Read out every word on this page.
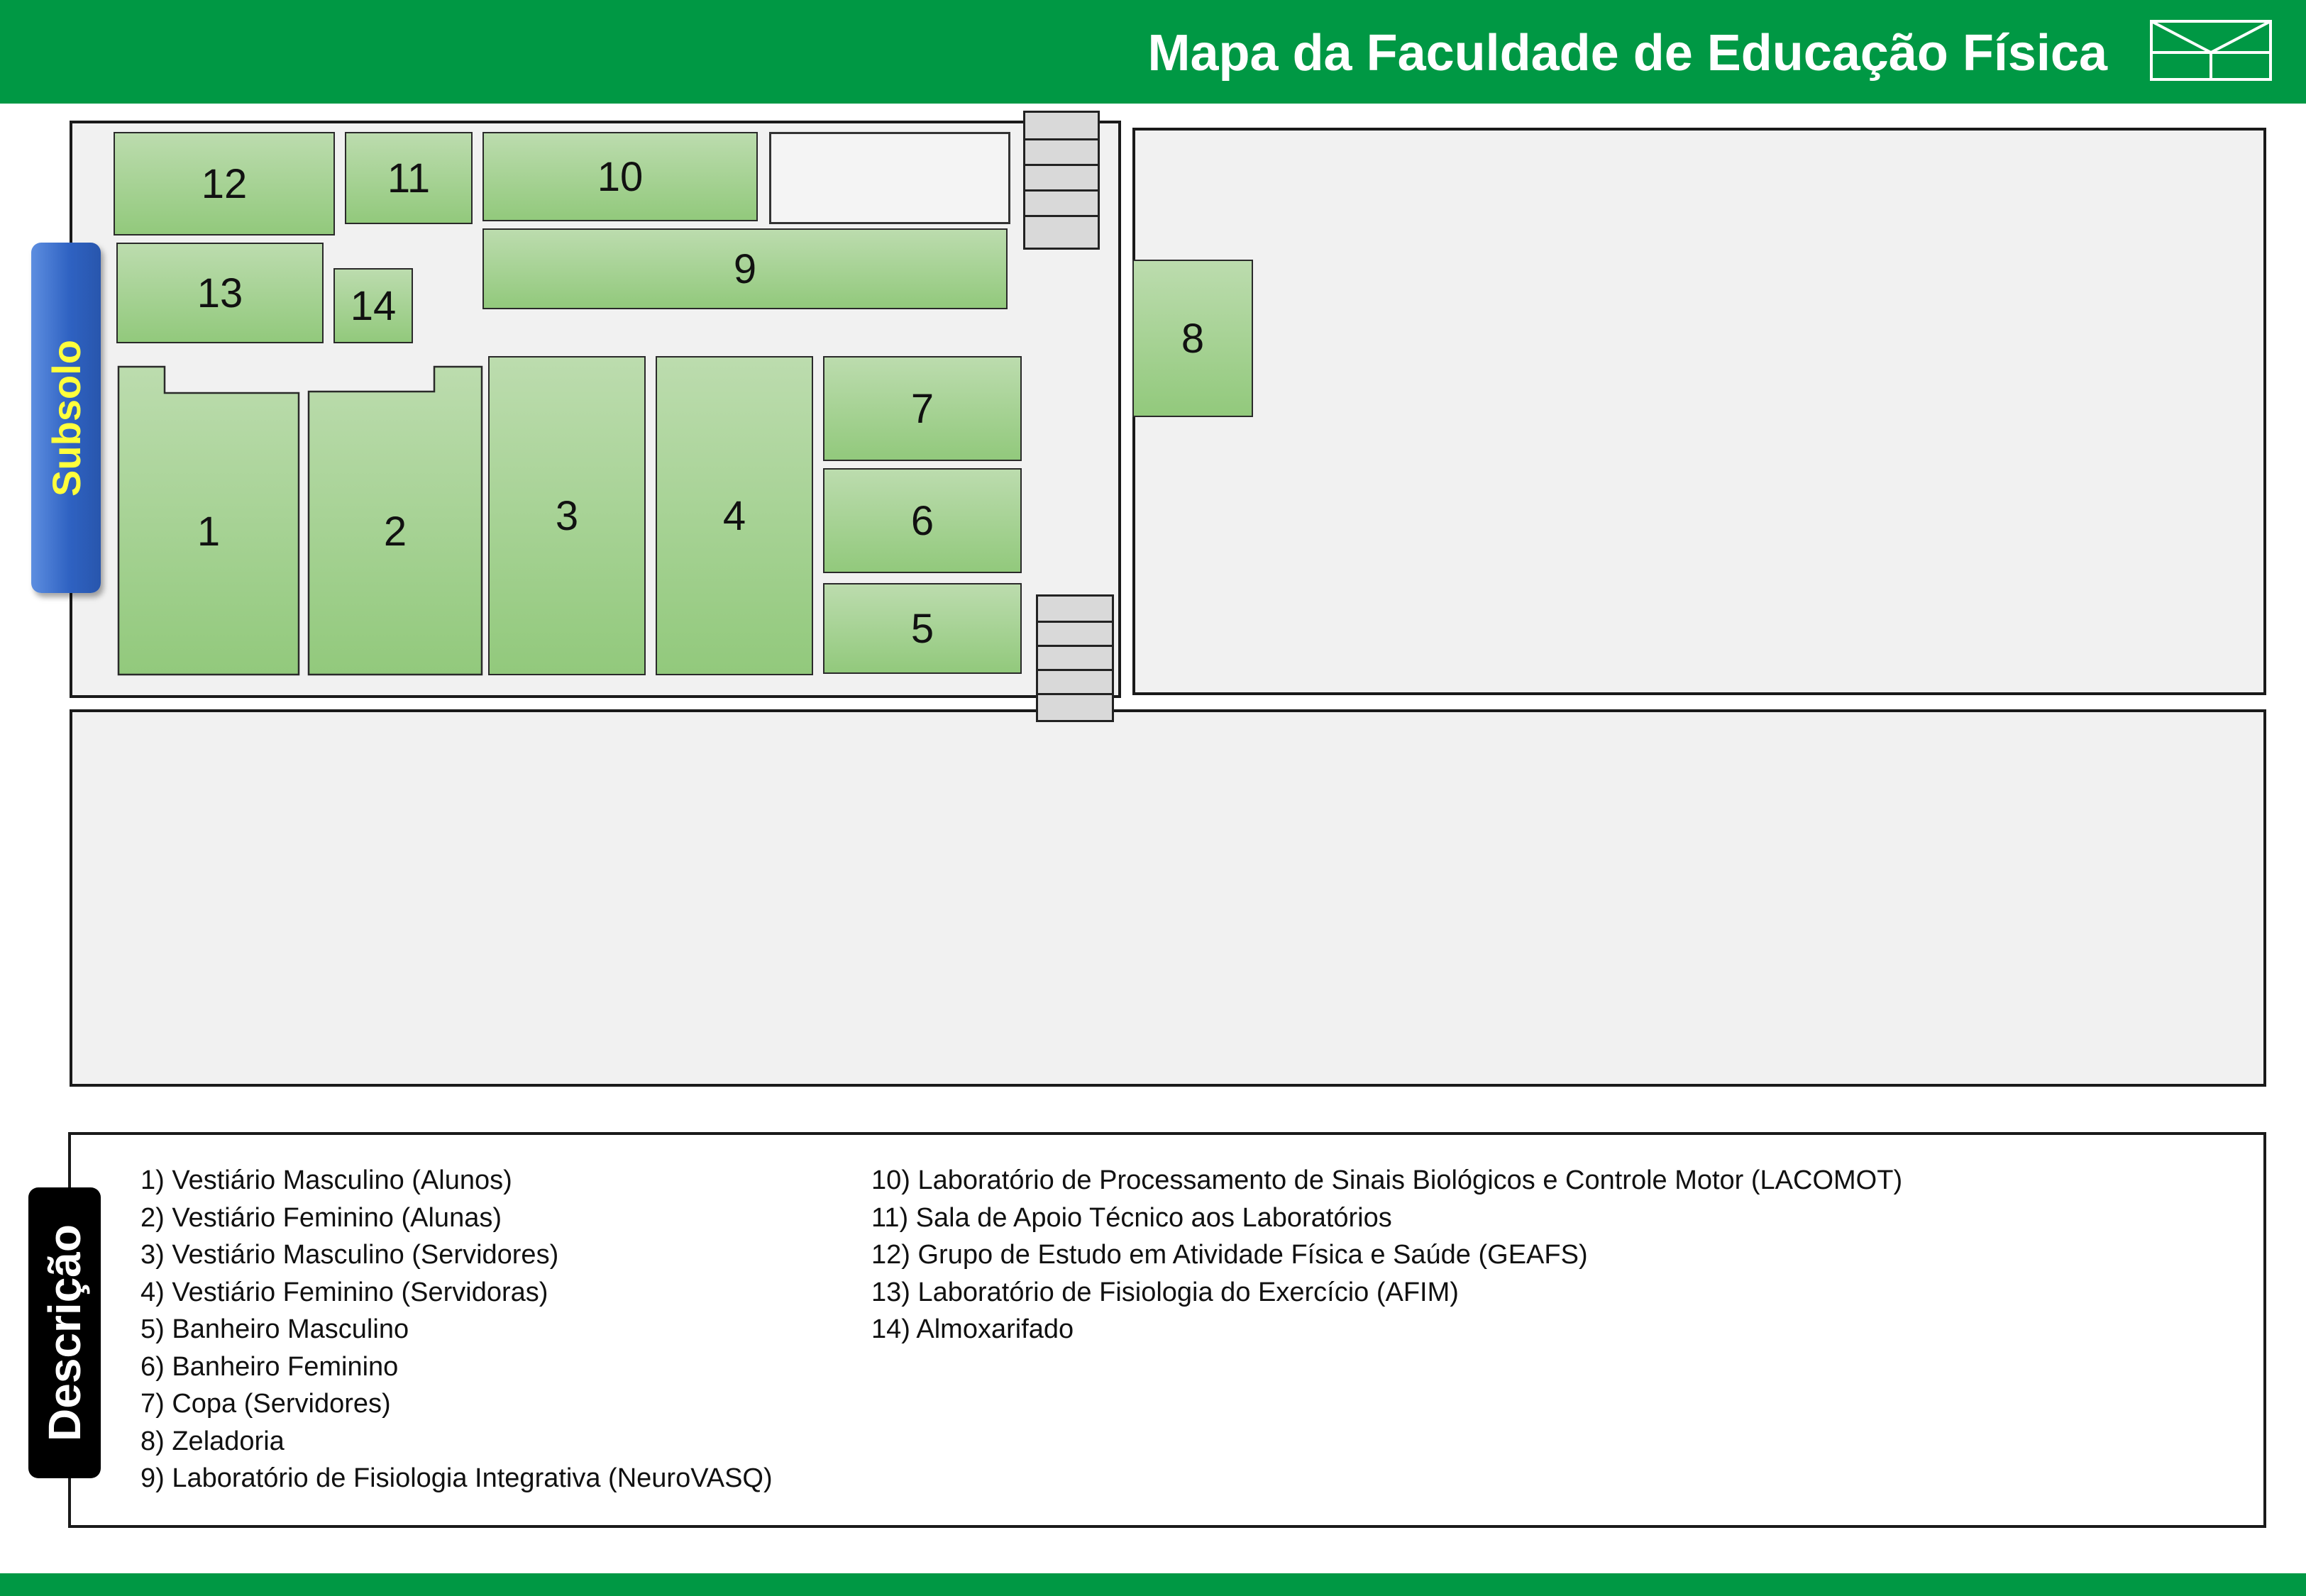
Mapa da Faculdade de Educação Física
12	11	10
9
13	14
1	2	3	4
7
6
5
8
Subsolo
Descrição
1) Vestiário Masculino (Alunos)
2) Vestiário Feminino (Alunas)
3) Vestiário Masculino (Servidores)
4) Vestiário Feminino (Servidoras)
5) Banheiro Masculino
6) Banheiro Feminino
7) Copa (Servidores)
8) Zeladoria
9) Laboratório de Fisiologia Integrativa (NeuroVASQ)
10) Laboratório de Processamento de Sinais Biológicos e Controle Motor (LACOMOT)
11) Sala de Apoio Técnico aos Laboratórios
12) Grupo de Estudo em Atividade Física e Saúde (GEAFS)
13) Laboratório de Fisiologia do Exercício (AFIM)
14) Almoxarifado
